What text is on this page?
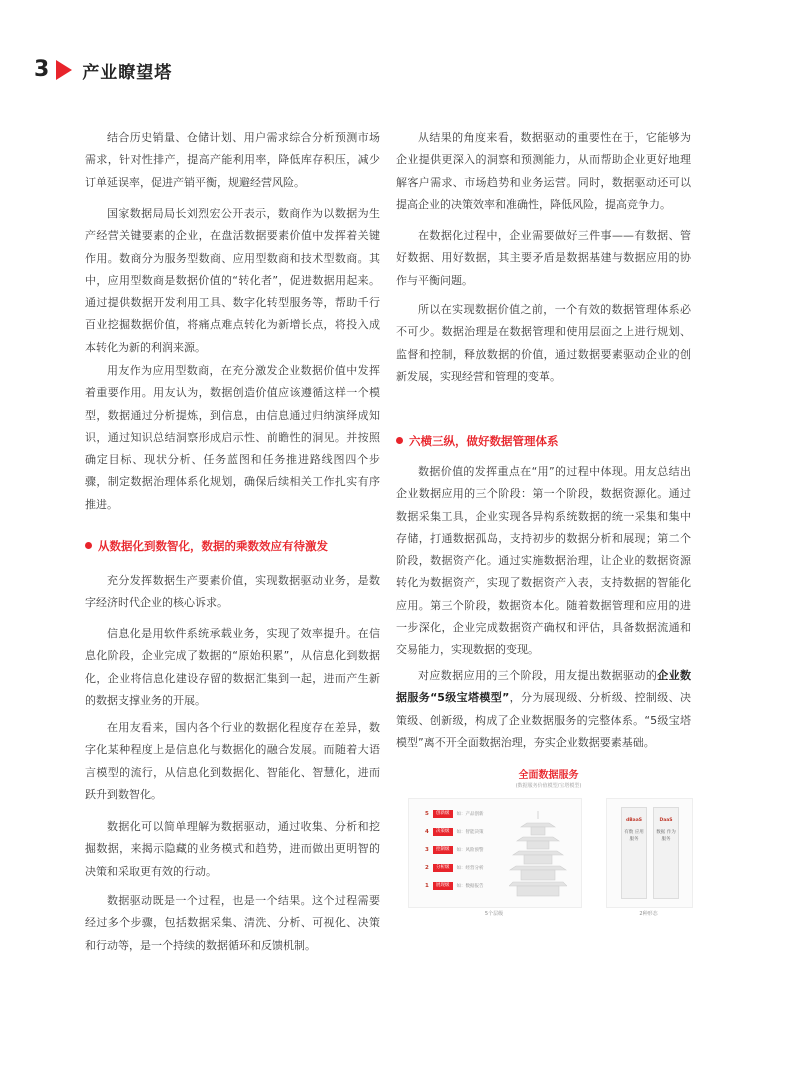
3 产业瞭望塔

结合历史销量、仓储计划、用户需求综合分析预测市场需求，针对性排产，提高产能利用率，降低库存积压，减少订单延误率，促进产销平衡，规避经营风险。

国家数据局局长刘烈宏公开表示，数商作为以数据为生产经营关键要素的企业，在盘活数据要素价值中发挥着关键作用。数商分为服务型数商、应用型数商和技术型数商。其中，应用型数商是数据价值的“转化者”，促进数据用起来。通过提供数据开发利用工具、数字化转型服务等，帮助千行百业挖掘数据价值，将痛点难点转化为新增长点，将投入成本转化为新的利润来源。

用友作为应用型数商，在充分激发企业数据价值中发挥着重要作用。用友认为，数据创造价值应该遵循这样一个模型，数据通过分析提炼，到信息，由信息通过归纳演绎成知识，通过知识总结洞察形成启示性、前瞻性的洞见。并按照确定目标、现状分析、任务蓝图和任务推进路线图四个步骤，制定数据治理体系化规划，确保后续相关工作扎实有序推进。

从数据化到数智化，数据的乘数效应有待激发

充分发挥数据生产要素价值，实现数据驱动业务，是数字经济时代企业的核心诉求。

信息化是用软件系统承载业务，实现了效率提升。在信息化阶段，企业完成了数据的“原始积累”，从信息化到数据化，企业将信息化建设存留的数据汇集到一起，进而产生新的数据支撑业务的开展。

在用友看来，国内各个行业的数据化程度存在差异，数字化某种程度上是信息化与数据化的融合发展。而随着大语言模型的流行，从信息化到数据化、智能化、智慧化，进而跃升到数智化。

数据化可以简单理解为数据驱动，通过收集、分析和挖掘数据，来揭示隐藏的业务模式和趋势，进而做出更明智的决策和采取更有效的行动。

数据驱动既是一个过程，也是一个结果。这个过程需要经过多个步骤，包括数据采集、清洗、分析、可视化、决策和行动等，是一个持续的数据循环和反馈机制。

从结果的角度来看，数据驱动的重要性在于，它能够为企业提供更深入的洞察和预测能力，从而帮助企业更好地理解客户需求、市场趋势和业务运营。同时，数据驱动还可以提高企业的决策效率和准确性，降低风险，提高竞争力。

在数据化过程中，企业需要做好三件事——有数据、管好数据、用好数据，其主要矛盾是数据基建与数据应用的协作与平衡问题。

所以在实现数据价值之前，一个有效的数据管理体系必不可少。数据治理是在数据管理和使用层面之上进行规划、监督和控制，释放数据的价值，通过数据要素驱动企业的创新发展，实现经营和管理的变革。

六横三纵，做好数据管理体系

数据价值的发挥重点在“用”的过程中体现。用友总结出企业数据应用的三个阶段：第一个阶段，数据资源化。通过数据采集工具，企业实现各异构系统数据的统一采集和集中存储，打通数据孤岛，支持初步的数据分析和展现；第二个阶段，数据资产化。通过实施数据治理，让企业的数据资源转化为数据资产，实现了数据资产入表，支持数据的智能化应用。第三个阶段，数据资本化。随着数据管理和应用的进一步深化，企业完成数据资产确权和评估，具备数据流通和交易能力，实现数据的变现。

对应数据应用的三个阶段，用友提出数据驱动的企业数据服务“5级宝塔模型”，分为展现级、分析级、控制级、决策级、创新级，构成了企业数据服务的完整体系。“5级宝塔模型”离不开全面数据治理，夯实企业数据要素基础。

全面数据服务
(数据服务价值模型/宝塔模型)
5	创新级	如：产品创新
4	决策级	如：智能决策
3	控制级	如：风险预警
2	分析级	如：经营分析
1	展现级	如：数据报告
dBaaS
有数 应用 服务
DaaS
数据 作为 服务
5个层级	2种形态
